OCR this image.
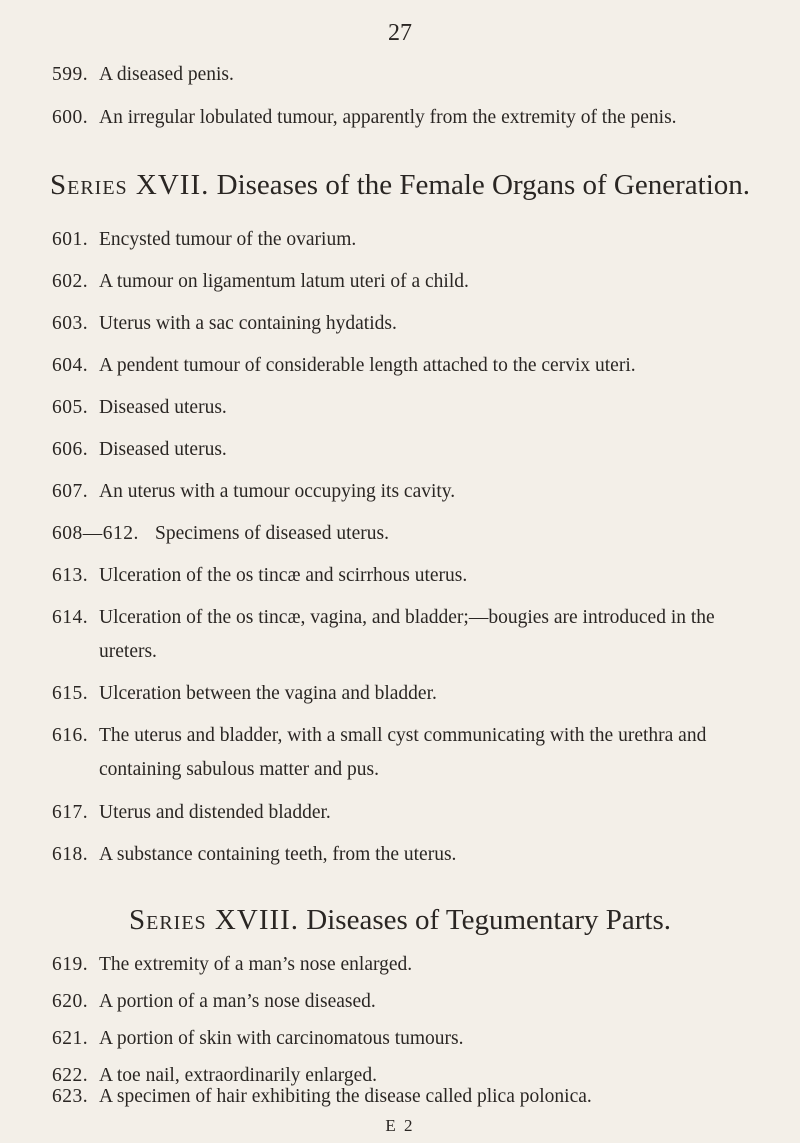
27
599. A diseased penis.
600. An irregular lobulated tumour, apparently from the extremity of the penis.
Series XVII. Diseases of the Female Organs of Generation.
601. Encysted tumour of the ovarium.
602. A tumour on ligamentum latum uteri of a child.
603. Uterus with a sac containing hydatids.
604. A pendent tumour of considerable length attached to the cervix uteri.
605. Diseased uterus.
606. Diseased uterus.
607. An uterus with a tumour occupying its cavity.
608—612. Specimens of diseased uterus.
613. Ulceration of the os tincæ and scirrhous uterus.
614. Ulceration of the os tincæ, vagina, and bladder;—bougies are introduced in the ureters.
615. Ulceration between the vagina and bladder.
616. The uterus and bladder, with a small cyst communicating with the urethra and containing sabulous matter and pus.
617. Uterus and distended bladder.
618. A substance containing teeth, from the uterus.
Series XVIII. Diseases of Tegumentary Parts.
619. The extremity of a man’s nose enlarged.
620. A portion of a man’s nose diseased.
621. A portion of skin with carcinomatous tumours.
622. A toe nail, extraordinarily enlarged.
623. A specimen of hair exhibiting the disease called plica polonica.
E 2
